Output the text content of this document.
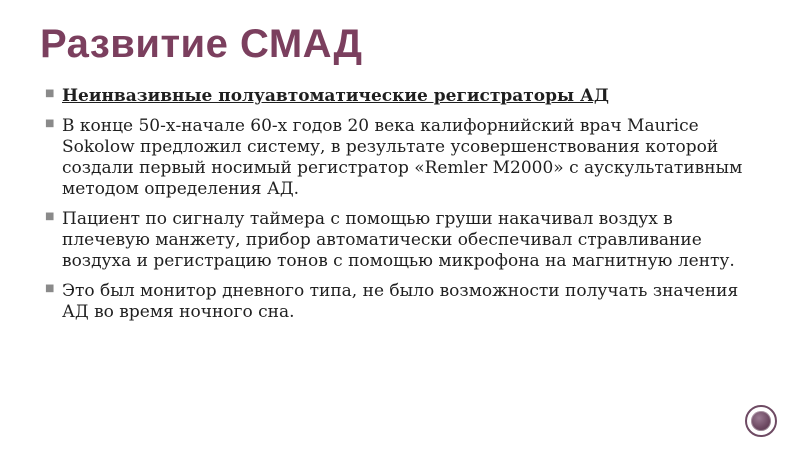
Развитие СМАД
■ Неинвазивные полуавтоматические регистраторы АД
■ В конце 50-х-начале 60-х годов 20 века калифорнийский врач Maurice Sokolow предложил систему, в результате усовершенствования которой создали первый носимый регистратор «Remler M2000» с аускультативным методом определения АД.
■ Пациент по сигналу таймера с помощью груши накачивал воздух в плечевую манжету, прибор автоматически обеспечивал стравливание воздуха и регистрацию тонов с помощью микрофона на магнитную ленту.
■ Это был монитор дневного типа, не было возможности получать значения АД во время ночного сна.
